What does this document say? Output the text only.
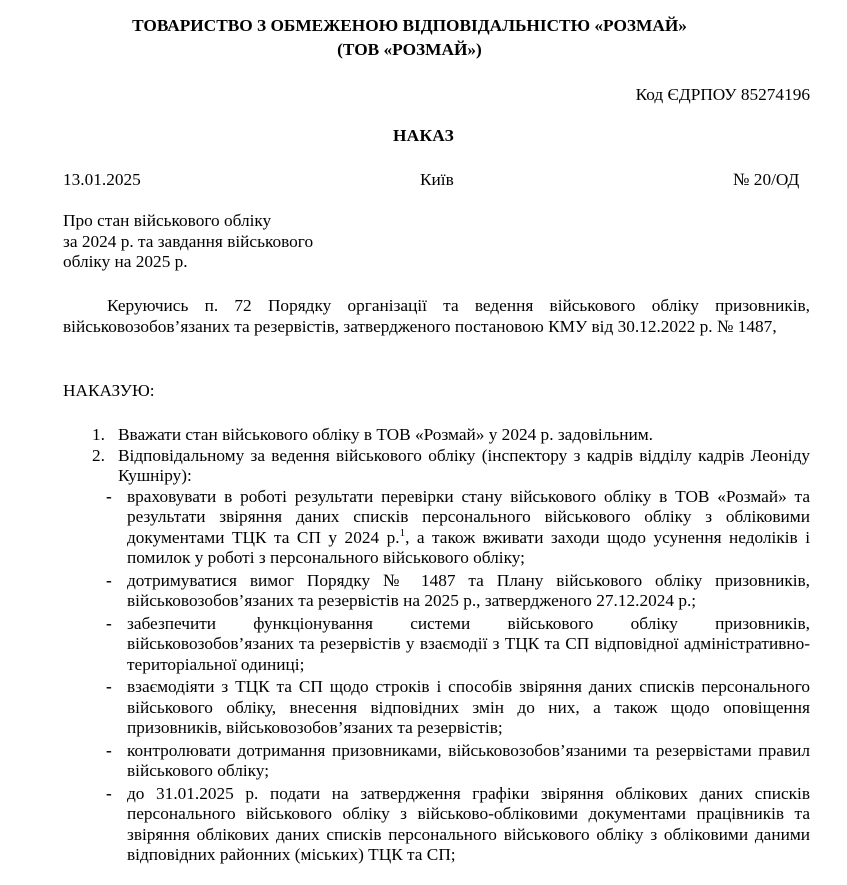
ТОВАРИСТВО З ОБМЕЖЕНОЮ ВІДПОВІДАЛЬНІСТЮ «РОЗМАЙ»
(ТОВ «РОЗМАЙ»)
Код ЄДРПОУ 85274196
НАКАЗ
13.01.2025	Київ	№ 20/ОД
Про стан військового обліку
за 2024 р. та завдання військового
обліку на 2025 р.
Керуючись п. 72 Порядку організації та ведення військового обліку призовників, військовозобов’язаних та резервістів, затвердженого постановою КМУ від 30.12.2022 р. № 1487,
НАКАЗУЮ:
1. Вважати стан військового обліку в ТОВ «Розмай» у 2024 р. задовільним.
2. Відповідальному за ведення військового обліку (інспектору з кадрів відділу кадрів Леоніду Кушніру):
- враховувати в роботі результати перевірки стану військового обліку в ТОВ «Розмай» та результати звіряння даних списків персонального військового обліку з обліковими документами ТЦК та СП у 2024 р.$^1$, а також вживати заходи щодо усунення недоліків і помилок у роботі з персонального військового обліку;
- дотримуватися вимог Порядку № 1487 та Плану військового обліку призовників, військовозобов’язаних та резервістів на 2025 р., затвердженого 27.12.2024 р.;
- забезпечити функціонування системи військового обліку призовників, військовозобов’язаних та резервістів у взаємодії з ТЦК та СП відповідної адміністративно-територіальної одиниці;
- взаємодіяти з ТЦК та СП щодо строків і способів звіряння даних списків персонального військового обліку, внесення відповідних змін до них, а також щодо оповіщення призовників, військовозобов’язаних та резервістів;
- контролювати дотримання призовниками, військовозобов’язаними та резервістами правил військового обліку;
- до 31.01.2025 р. подати на затвердження графіки звіряння облікових даних списків персонального військового обліку з військово-обліковими документами працівників та звіряння облікових даних списків персонального військового обліку з обліковими даними відповідних районних (міських) ТЦК та СП;
